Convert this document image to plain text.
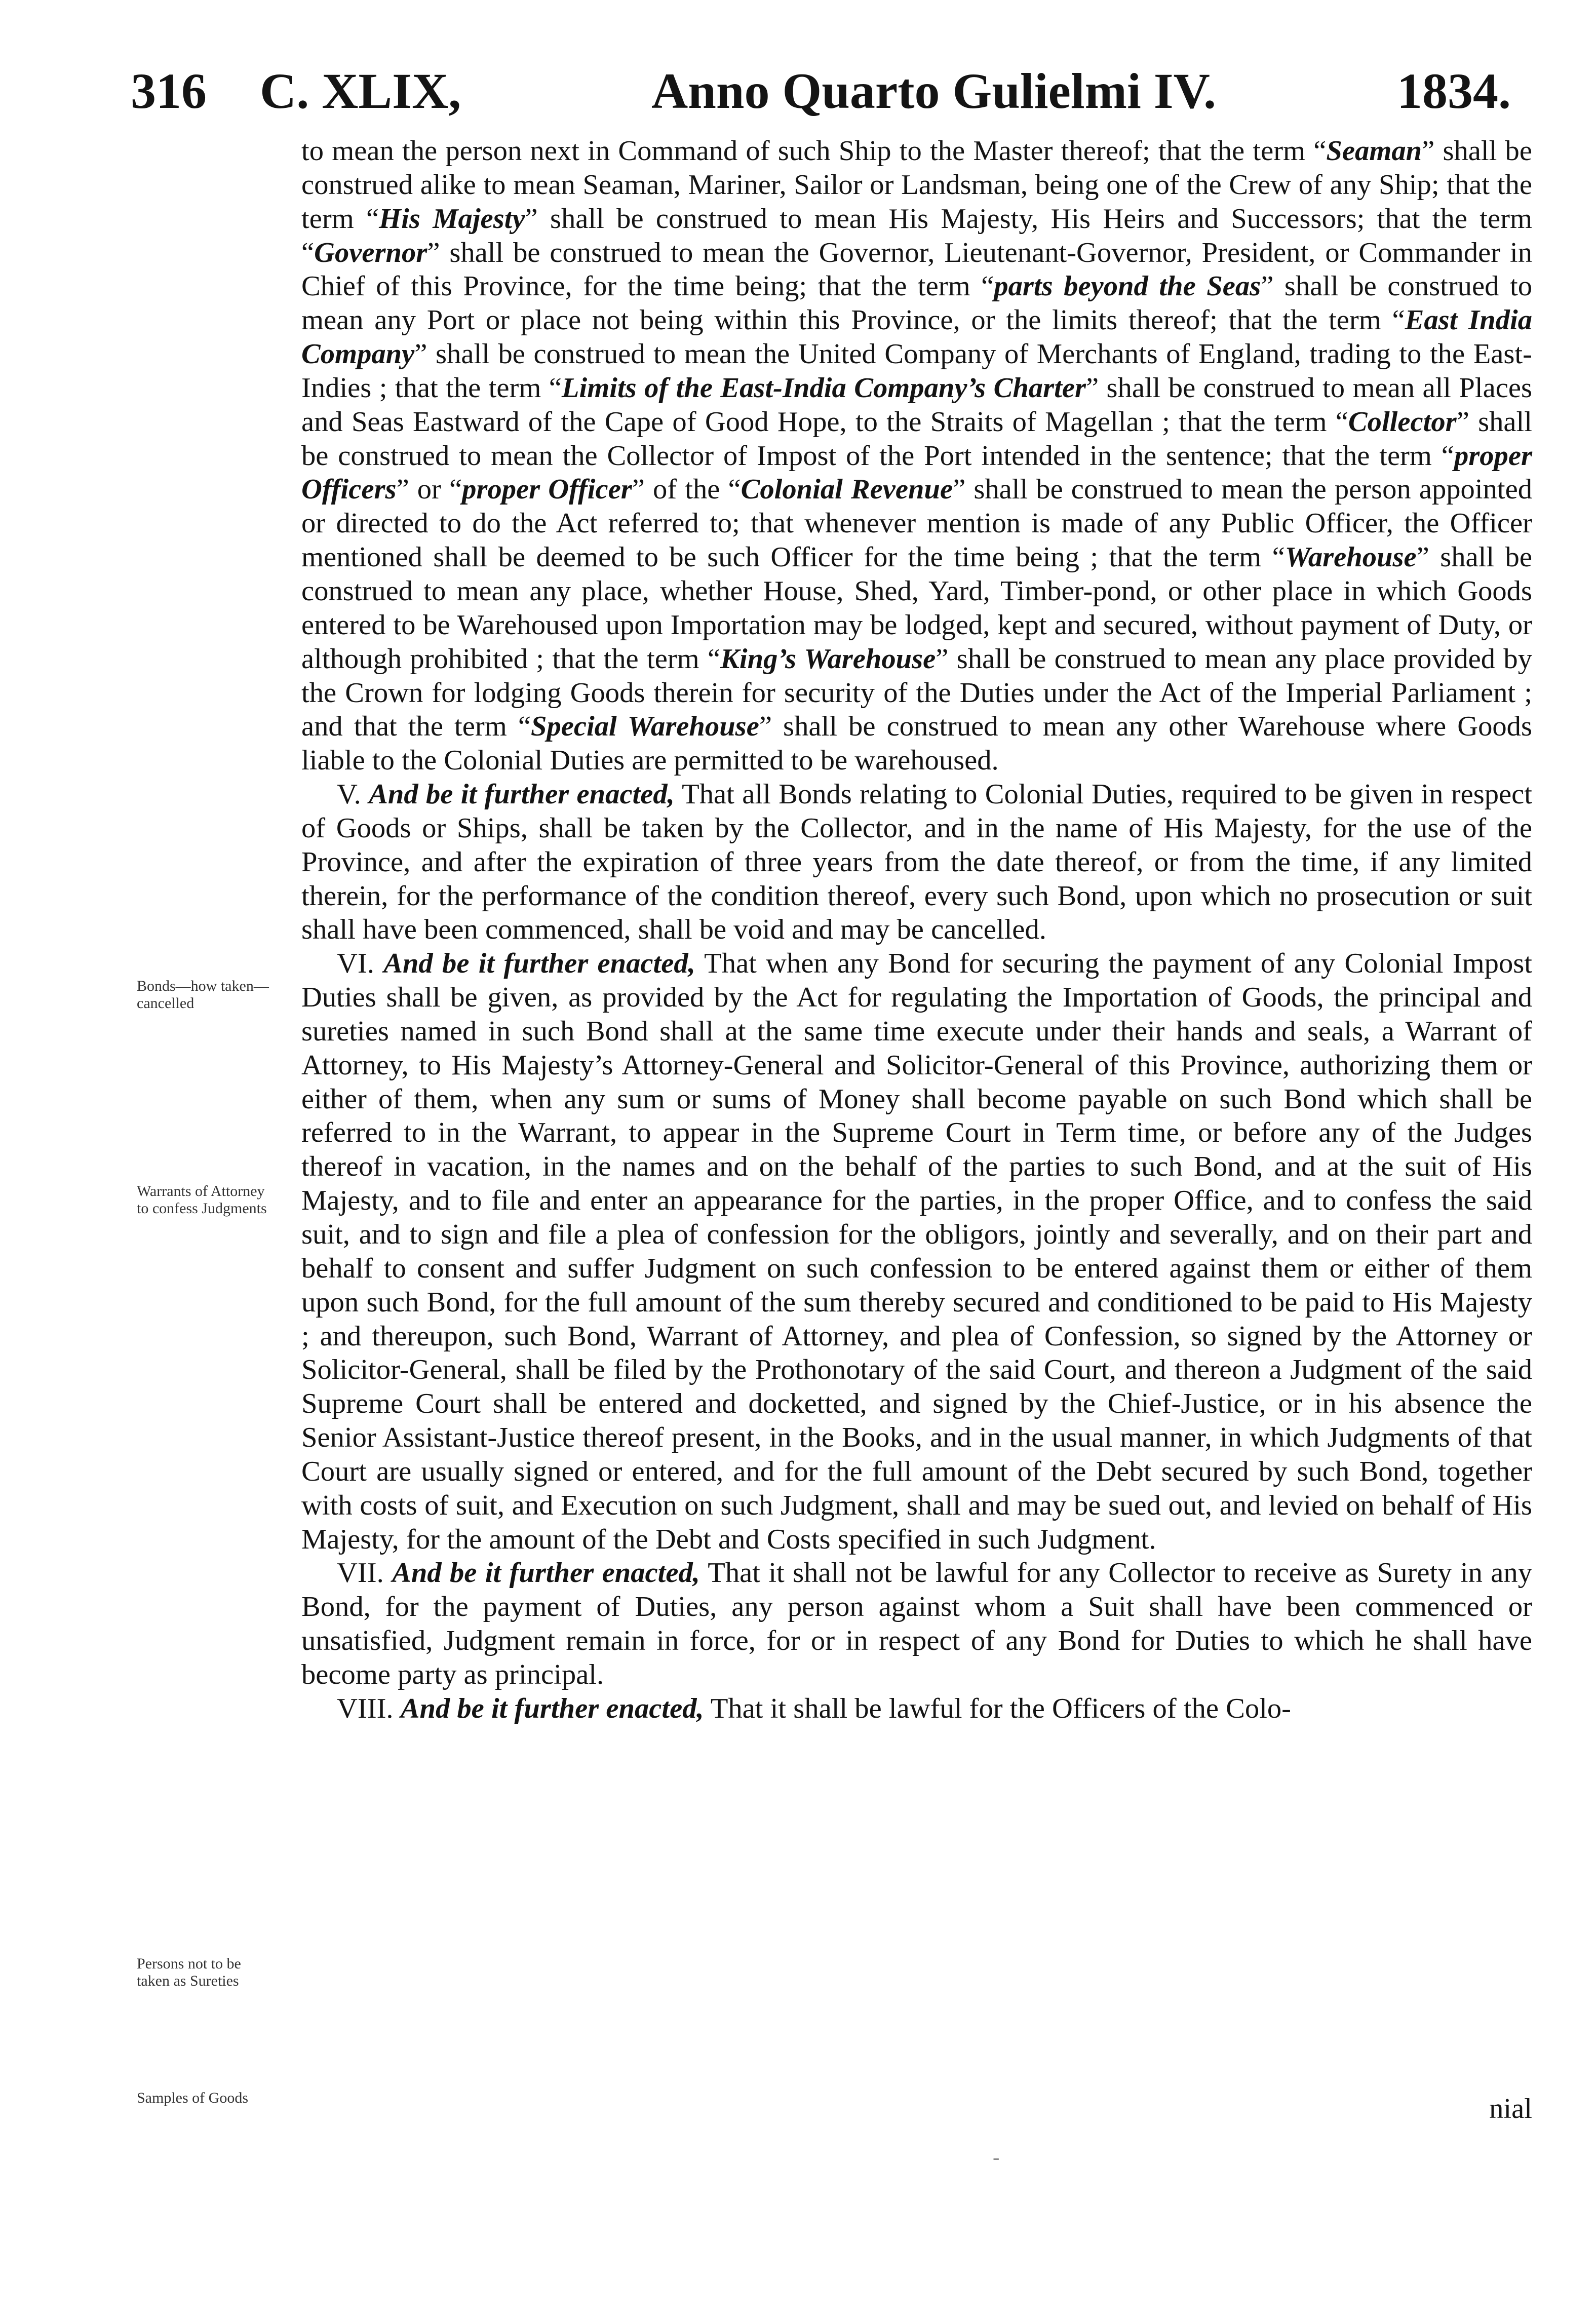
316 C. XLIX,	Anno Quarto Gulielmi IV.	1834.

to mean the person next in Command of such Ship to the Master thereof; that the term “Seaman” shall be construed alike to mean Seaman, Mariner, Sailor or Landsman, being one of the Crew of any Ship; that the term “His Majesty” shall be construed to mean His Majesty, His Heirs and Successors; that the term “Governor” shall be construed to mean the Governor, Lieutenant-Governor, President, or Commander in Chief of this Province, for the time being; that the term “parts beyond the Seas” shall be construed to mean any Port or place not being within this Province, or the limits thereof; that the term “East India Company” shall be construed to mean the United Company of Merchants of England, trading to the East-Indies ; that the term “Limits of the East-India Company’s Charter” shall be construed to mean all Places and Seas Eastward of the Cape of Good Hope, to the Straits of Magellan ; that the term “Collector” shall be construed to mean the Collector of Impost of the Port intended in the sentence; that the term “proper Officers” or “proper Officer” of the “Colonial Revenue” shall be construed to mean the person appointed or directed to do the Act referred to; that whenever mention is made of any Public Officer, the Officer mentioned shall be deemed to be such Officer for the time being ; that the term “Warehouse” shall be construed to mean any place, whether House, Shed, Yard, Timber-pond, or other place in which Goods entered to be Warehoused upon Importation may be lodged, kept and secured, without payment of Duty, or although prohibited ; that the term “King’s Warehouse” shall be construed to mean any place provided by the Crown for lodging Goods therein for security of the Duties under the Act of the Imperial Parliament ; and that the term “Special Warehouse” shall be construed to mean any other Warehouse where Goods liable to the Colonial Duties are permitted to be warehoused.

V. And be it further enacted, That all Bonds relating to Colonial Duties, required to be given in respect of Goods or Ships, shall be taken by the Collector, and in the name of His Majesty, for the use of the Province, and after the expiration of three years from the date thereof, or from the time, if any limited therein, for the performance of the condition thereof, every such Bond, upon which no prosecution or suit shall have been commenced, shall be void and may be cancelled.

VI. And be it further enacted, That when any Bond for securing the payment of any Colonial Impost Duties shall be given, as provided by the Act for regulating the Importation of Goods, the principal and sureties named in such Bond shall at the same time execute under their hands and seals, a Warrant of Attorney, to His Majesty’s Attorney-General and Solicitor-General of this Province, authorizing them or either of them, when any sum or sums of Money shall become payable on such Bond which shall be referred to in the Warrant, to appear in the Supreme Court in Term time, or before any of the Judges thereof in vacation, in the names and on the behalf of the parties to such Bond, and at the suit of His Majesty, and to file and enter an appearance for the parties, in the proper Office, and to confess the said suit, and to sign and file a plea of confession for the obligors, jointly and severally, and on their part and behalf to consent and suffer Judgment on such confession to be entered against them or either of them upon such Bond, for the full amount of the sum thereby secured and conditioned to be paid to His Majesty ; and thereupon, such Bond, Warrant of Attorney, and plea of Confession, so signed by the Attorney or Solicitor-General, shall be filed by the Prothonotary of the said Court, and thereon a Judgment of the said Supreme Court shall be entered and docketted, and signed by the Chief-Justice, or in his absence the Senior Assistant-Justice thereof present, in the Books, and in the usual manner, in which Judgments of that Court are usually signed or entered, and for the full amount of the Debt secured by such Bond, together with costs of suit, and Execution on such Judgment, shall and may be sued out, and levied on behalf of His Majesty, for the amount of the Debt and Costs specified in such Judgment.

VII. And be it further enacted, That it shall not be lawful for any Collector to receive as Surety in any Bond, for the payment of Duties, any person against whom a Suit shall have been commenced or unsatisfied, Judgment remain in force, for or in respect of any Bond for Duties to which he shall have become party as principal.

VIII. And be it further enacted, That it shall be lawful for the Officers of the Colo-

nial
Bonds—how taken—cancelled
Warrants of Attorney to confess Judgments
Persons not to be taken as Sureties
Samples of Goods
-
